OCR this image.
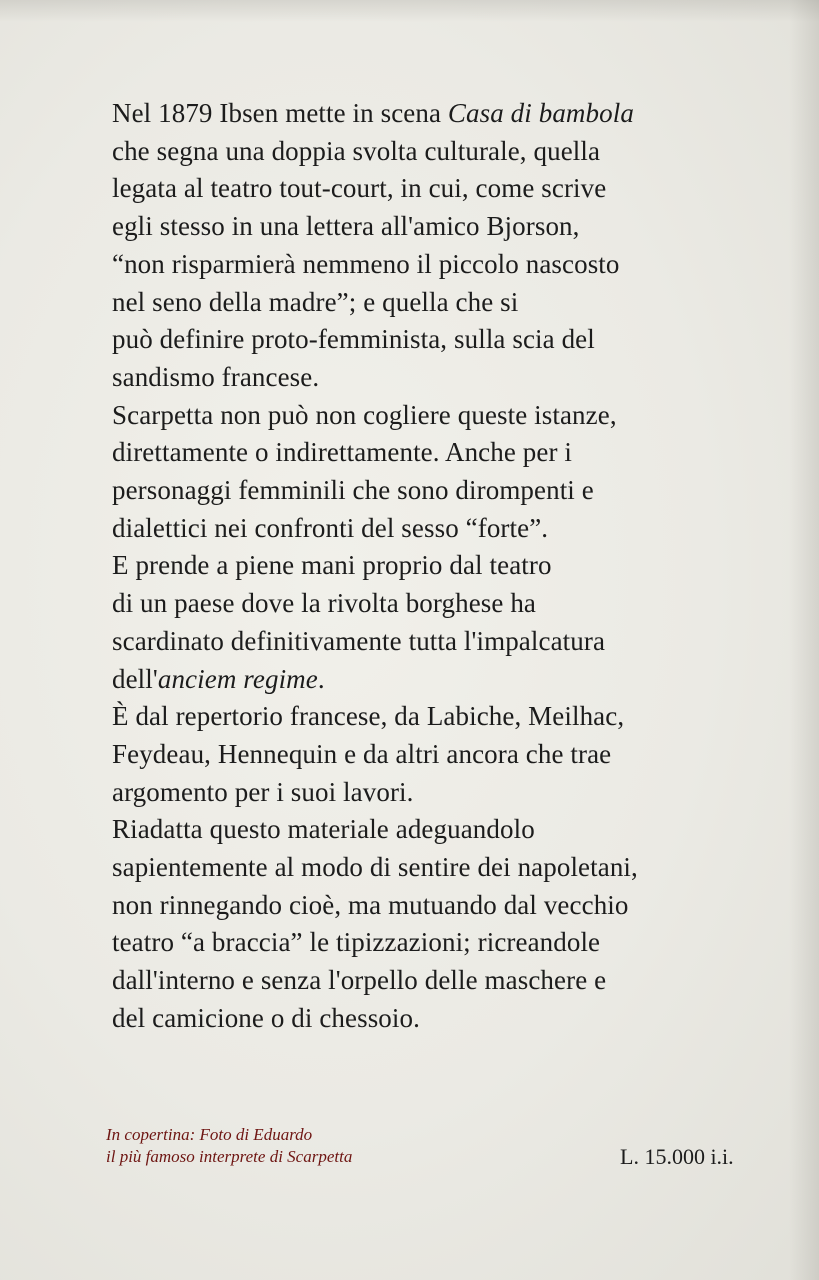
Nel 1879 Ibsen mette in scena Casa di bambola
che segna una doppia svolta culturale, quella
legata al teatro tout-court, in cui, come scrive
egli stesso in una lettera all'amico Bjorson,
“non risparmierà nemmeno il piccolo nascosto
nel seno della madre”; e quella che si
può definire proto-femminista, sulla scia del
sandismo francese.
Scarpetta non può non cogliere queste istanze,
direttamente o indirettamente. Anche per i
personaggi femminili che sono dirompenti e
dialettici nei confronti del sesso “forte”.
E prende a piene mani proprio dal teatro
di un paese dove la rivolta borghese ha
scardinato definitivamente tutta l'impalcatura
dell'anciem regime.
È dal repertorio francese, da Labiche, Meilhac,
Feydeau, Hennequin e da altri ancora che trae
argomento per i suoi lavori.
Riadatta questo materiale adeguandolo
sapientemente al modo di sentire dei napoletani,
non rinnegando cioè, ma mutuando dal vecchio
teatro “a braccia” le tipizzazioni; ricreandole
dall'interno e senza l'orpello delle maschere e
del camicione o di chessoio.
In copertina: Foto di Eduardo
il più famoso interprete di Scarpetta	L. 15.000 i.i.
